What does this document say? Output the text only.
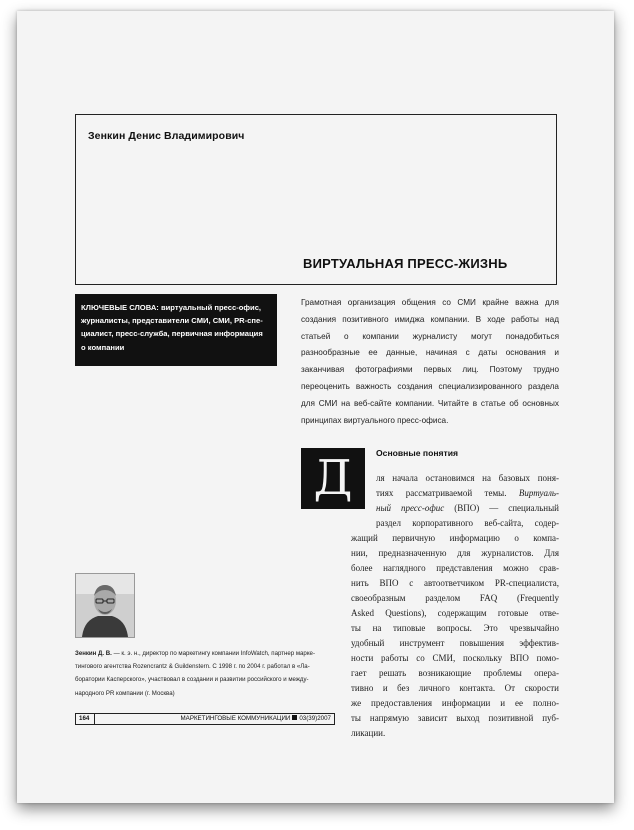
Зенкин Денис Владимирович
ВИРТУАЛЬНАЯ ПРЕСС-ЖИЗНЬ
КЛЮЧЕВЫЕ СЛОВА: виртуальный пресс-офис,
журналисты, представители СМИ, СМИ, PR-спе-
циалист, пресс-служба, первичная информация
о компании
Грамотная организация общения со СМИ крайне важна для создания позитивного имиджа компании. В ходе работы над статьей о компании журналисту могут понадобиться разнообразные ее данные, начиная с даты основания и заканчивая фотографиями первых лиц. Поэтому трудно переоценить важность создания специализированного раздела для СМИ на веб-сайте компании. Читайте в статье об основных принципах виртуального пресс-офиса.
Д	Основные понятия
ля начала остановимся на базовых поня-
тиях рассматриваемой темы. Виртуаль-
ный пресс-офис (ВПО) — специальный
раздел корпоративного веб-сайта, содер-
жащий первичную информацию о компа-
нии, предназначенную для журналистов. Для
более наглядного представления можно срав-
нить ВПО с автоответчиком PR-специалиста,
своеобразным разделом FAQ (Frequently
Asked Questions), содержащим готовые отве-
ты на типовые вопросы. Это чрезвычайно
удобный инструмент повышения эффектив-
ности работы со СМИ, поскольку ВПО помо-
гает решать возникающие проблемы опера-
тивно и без личного контакта. От скорости
же предоставления информации и ее полно-
ты напрямую зависит выход позитивной пуб-
ликации.
Зенкин Д. В. — к. э. н., директор по маркетингу компании InfoWatch, партнер марке-
тингового агентства Rozencrantz & Guildenstern. С 1998 г. по 2004 г. работал в «Ла-
боратории Касперского», участвовал в создании и развитии российского и между-
народного PR компании (г. Москва)
164	МАРКЕТИНГОВЫЕ КОММУНИКАЦИИ 03(39)2007
